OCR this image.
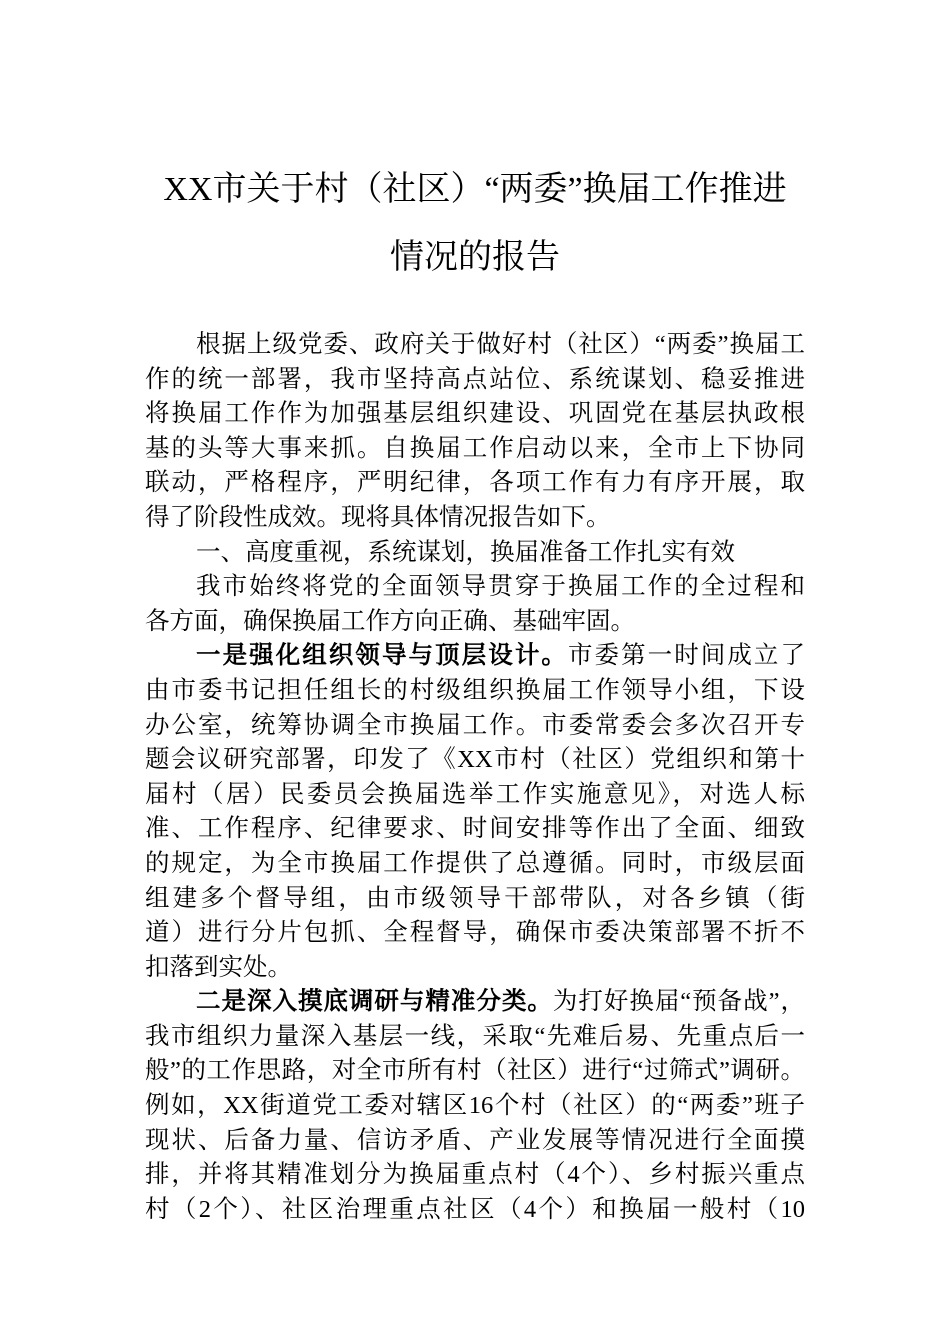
XX市关于村（社区）“两委”换届工作推进
情况的报告
根据上级党委、政府关于做好村（社区）“两委”换届工
作的统一部署，我市坚持高点站位、系统谋划、稳妥推进
将换届工作作为加强基层组织建设、巩固党在基层执政根
基的头等大事来抓。自换届工作启动以来，全市上下协同
联动，严格程序，严明纪律，各项工作有力有序开展，取
得了阶段性成效。现将具体情况报告如下。
一、高度重视，系统谋划，换届准备工作扎实有效
我市始终将党的全面领导贯穿于换届工作的全过程和
各方面，确保换届工作方向正确、基础牢固。
一是强化组织领导与顶层设计。市委第一时间成立了
由市委书记担任组长的村级组织换届工作领导小组，下设
办公室，统筹协调全市换届工作。市委常委会多次召开专
题会议研究部署，印发了《XX市村（社区）党组织和第十
届村（居）民委员会换届选举工作实施意见》，对选人标
准、工作程序、纪律要求、时间安排等作出了全面、细致
的规定，为全市换届工作提供了总遵循。同时，市级层面
组建多个督导组，由市级领导干部带队，对各乡镇（街
道）进行分片包抓、全程督导，确保市委决策部署不折不
扣落到实处。
二是深入摸底调研与精准分类。为打好换届“预备战”，
我市组织力量深入基层一线，采取“先难后易、先重点后一
般”的工作思路，对全市所有村（社区）进行“过筛式”调研。
例如，XX街道党工委对辖区16个村（社区）的“两委”班子
现状、后备力量、信访矛盾、产业发展等情况进行全面摸
排，并将其精准划分为换届重点村（4个）、乡村振兴重点
村（2个）、社区治理重点社区（4个）和换届一般村（10
